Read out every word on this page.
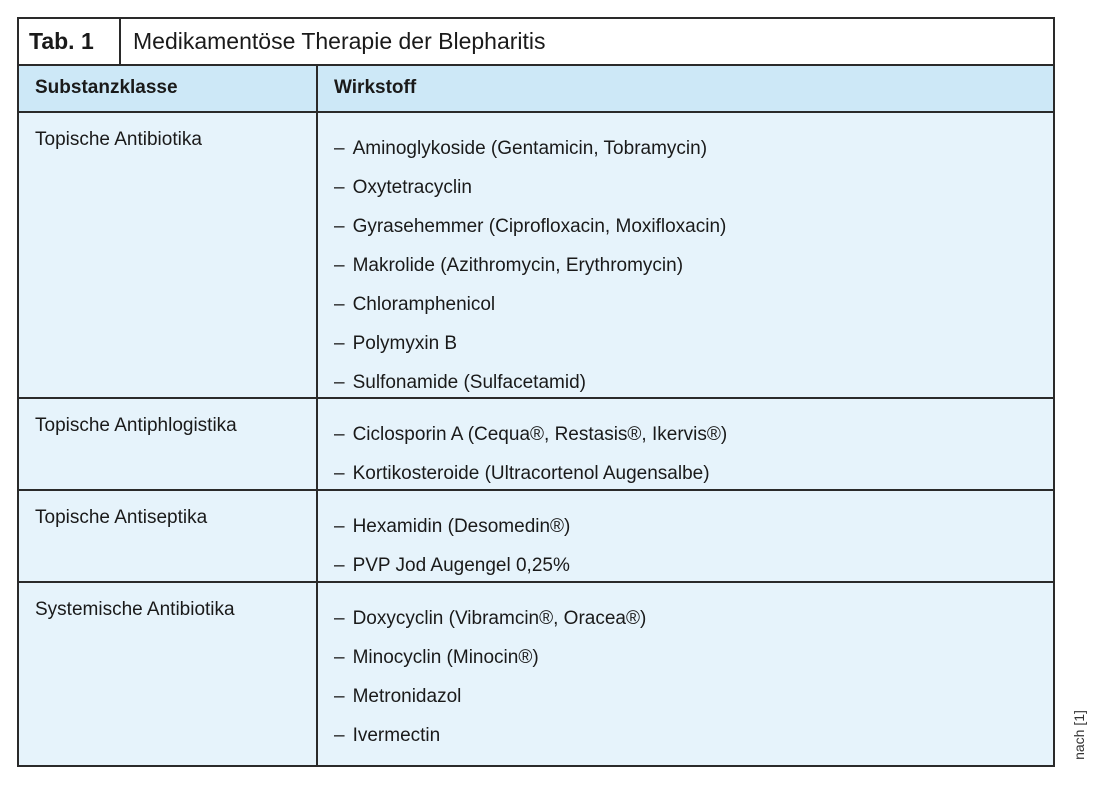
Tab. 1	Medikamentöse Therapie der Blepharitis
Substanzklasse	Wirkstoff
Topische Antibiotika	– Aminoglykoside (Gentamicin, Tobramycin)
– Oxytetracyclin
– Gyrasehemmer (Ciprofloxacin, Moxifloxacin)
– Makrolide (Azithromycin, Erythromycin)
– Chloramphenicol
– Polymyxin B
– Sulfonamide (Sulfacetamid)
Topische Antiphlogistika	– Ciclosporin A (Cequa®, Restasis®, Ikervis®)
– Kortikosteroide (Ultracortenol Augensalbe)
Topische Antiseptika	– Hexamidin (Desomedin®)
– PVP Jod Augengel 0,25%
Systemische Antibiotika	– Doxycyclin (Vibramcin®, Oracea®)
– Minocyclin (Minocin®)
– Metronidazol
– Ivermectin	nach [1]
